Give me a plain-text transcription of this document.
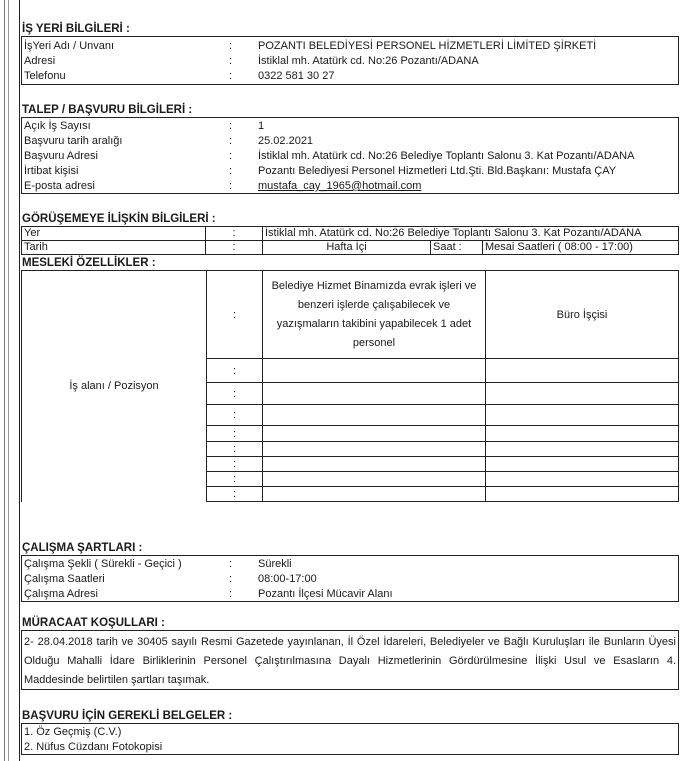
İŞ YERİ BİLGİLERİ :
İşYeri Adı / Unvanı	: POZANTI BELEDİYESİ PERSONEL HİZMETLERİ LİMİTED ŞİRKETİ
Adresi	: İstiklal mh. Atatürk cd. No:26 Pozantı/ADANA
Telefonu	: 0322 581 30 27
TALEP / BAŞVURU BİLGİLERİ :
Açık İş Sayısı	: 1
Başvuru tarih aralığı	: 25.02.2021
Başvuru Adresi	: İstiklal mh. Atatürk cd. No:26 Belediye Toplantı Salonu 3. Kat Pozantı/ADANA
İrtibat kişisi	: Pozantı Belediyesi Personel Hizmetleri Ltd.Şti. Bld.Başkanı: Mustafa ÇAY
E-posta adresi	: mustafa_cay_1965@hotmail.com
GÖRÜŞEMEYE İLİŞKİN BİLGİLERİ :
Yer	:	İstiklal mh. Atatürk cd. No:26 Belediye Toplantı Salonu 3. Kat Pozantı/ADANA		
Tarih	:	Hafta İçi	Saat :	Mesai Saatleri ( 08:00 - 17:00)
MESLEKİ ÖZELLİKLER :
İş alanı / Pozisyon	:	Belediye Hizmet Binamızda evrak işleri ve benzeri işlerde çalışabilecek ve yazışmaların takibini yapabilecek 1 adet personel	Büro İşçisi
	:		
	:		
	:		
	:		
	:		
	:		
	:		
	:		
ÇALIŞMA ŞARTLARI :
Çalışma Şekli ( Sürekli - Geçici )	: Sürekli
Çalışma Saatleri	: 08:00-17:00
Çalışma Adresi	: Pozantı İlçesi Mücavir Alanı
MÜRACAAT KOŞULLARI :
2- 28.04.2018 tarih ve 30405 sayılı Resmi Gazetede yayınlanan, İl Özel İdareleri, Belediyeler ve Bağlı Kuruluşları ile Bunların Üyesi Olduğu Mahalli İdare Birliklerinin Personel Çalıştırılmasına Dayalı Hizmetlerinin Gördürülmesine İlişki Usul ve Esasların 4. Maddesinde belirtilen şartları taşımak.
BAŞVURU İÇİN GEREKLİ BELGELER :
1. Öz Geçmiş (C.V.)
2. Nüfus Cüzdanı Fotokopisi
